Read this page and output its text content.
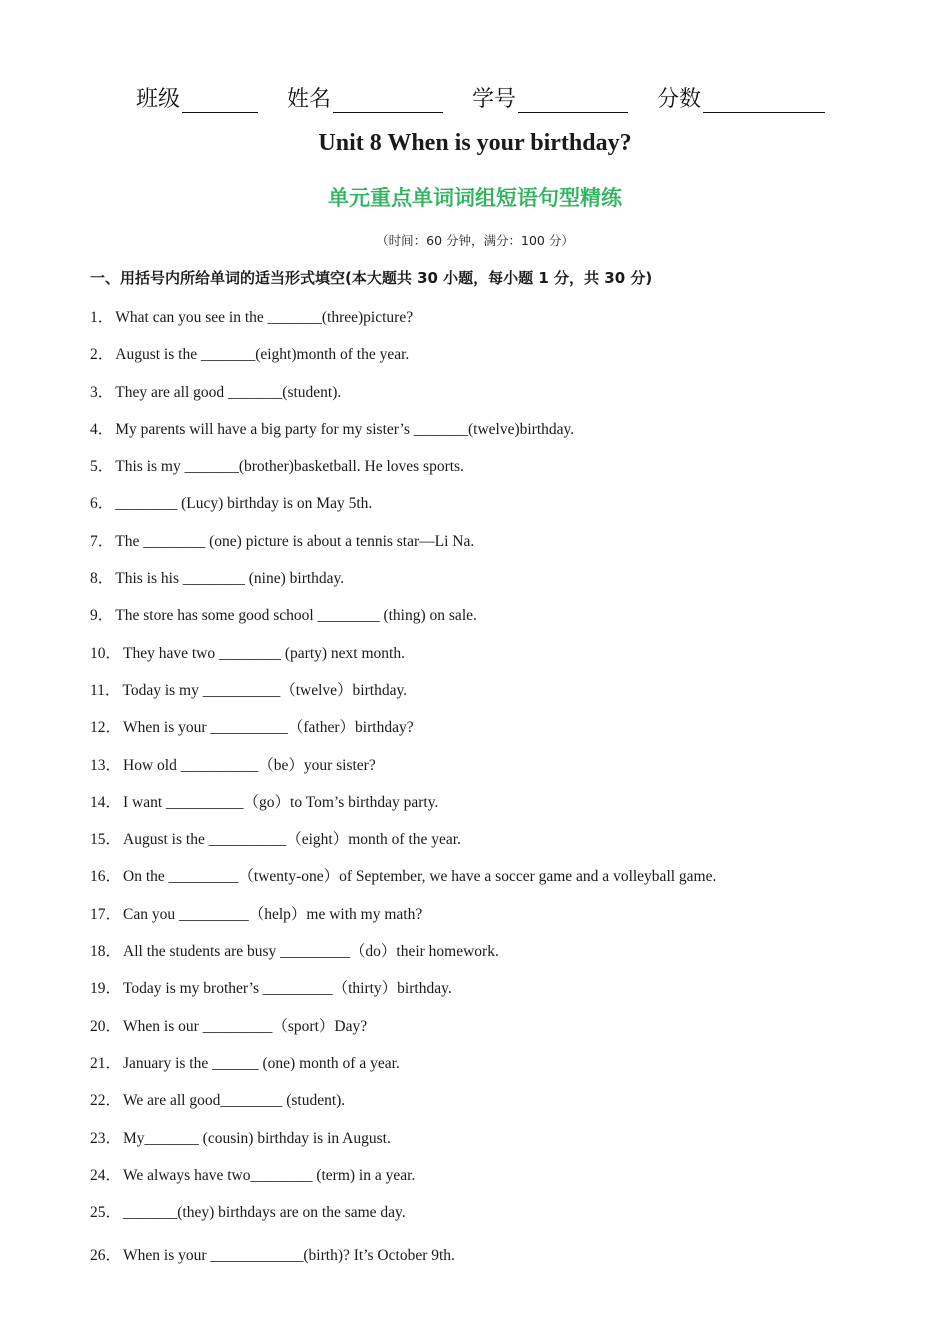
班级	姓名	学号	分数
Unit 8 When is your birthday?
单元重点单词词组短语句型精练
（时间：60 分钟，满分：100 分）
一、用括号内所给单词的适当形式填空(本大题共 30 小题，每小题 1 分，共 30 分)
1． What can you see in the _______(three)picture?
2． August is the _______(eight)month of the year.
3． They are all good _______(student).
4． My parents will have a big party for my sister’s _______(twelve)birthday.
5． This is my _______(brother)basketball. He loves sports.
6． ________ (Lucy) birthday is on May 5th.
7． The ________ (one) picture is about a tennis star—Li Na.
8． This is his ________ (nine) birthday.
9． The store has some good school ________ (thing) on sale.
10． They have two ________ (party) next month.
11． Today is my __________（twelve）birthday.
12． When is your __________（father）birthday?
13． How old __________（be）your sister?
14． I want __________（go）to Tom’s birthday party.
15． August is the __________（eight）month of the year.
16． On the _________（twenty-one）of September, we have a soccer game and a volleyball game.
17． Can you _________（help）me with my math?
18． All the students are busy _________（do）their homework.
19． Today is my brother’s _________（thirty）birthday.
20． When is our _________（sport）Day?
21． January is the ______ (one) month of a year.
22． We are all good________ (student).
23． My_______ (cousin) birthday is in August.
24． We always have two________ (term) in a year.
25． _______(they) birthdays are on the same day.
26． When is your ____________(birth)? It’s October 9th.
